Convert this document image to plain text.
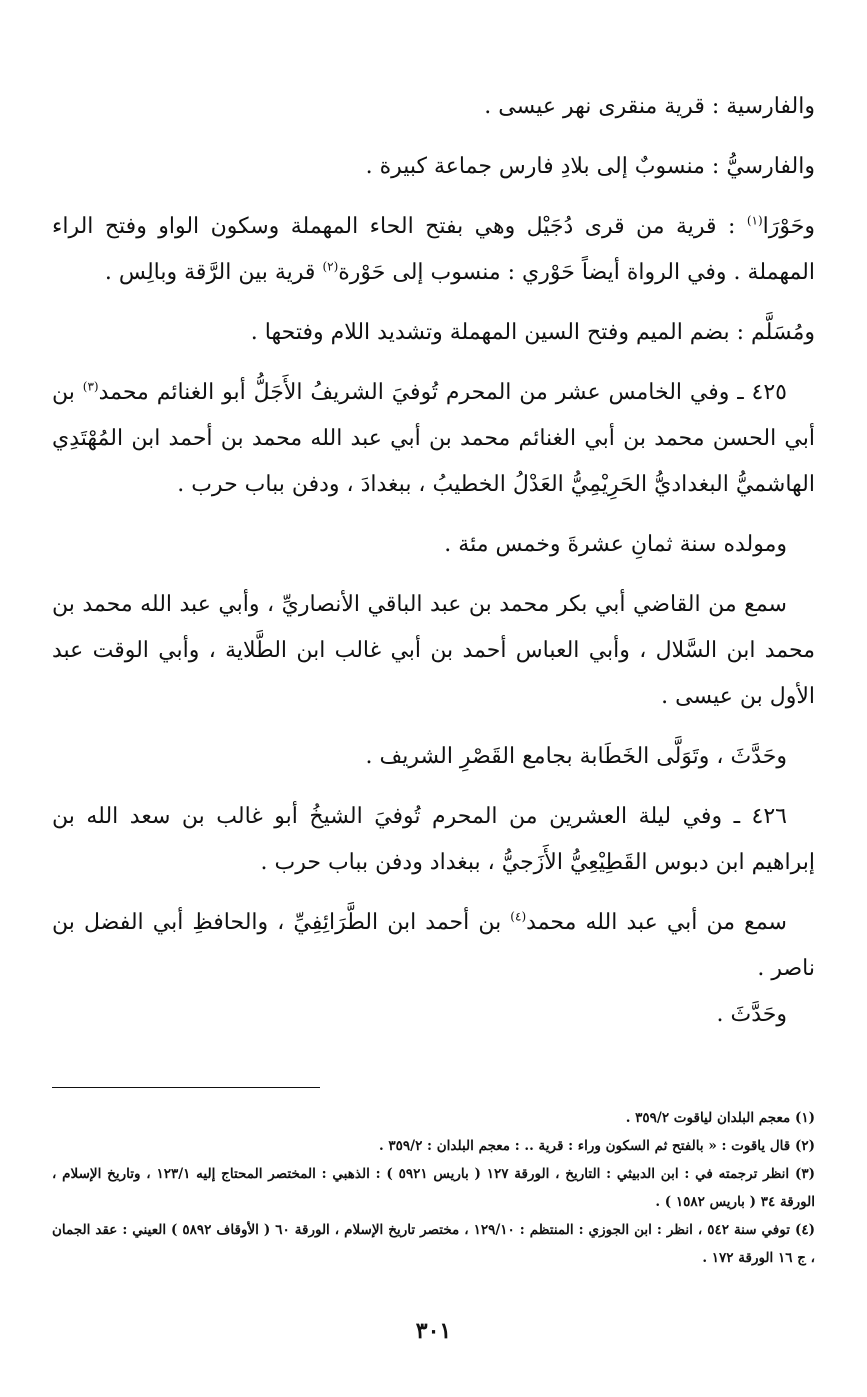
والفارسية : قرية منقرى نهر عيسى .

والفارسيُّ : منسوبٌ إلى بلادِ فارس جماعة كبيرة .

وحَوْرَا$^{(١)}$ : قرية من قرى دُجَيْل وهي بفتح الحاء المهملة وسكون الواو وفتح الراء المهملة . وفي الرواة أيضاً حَوْري : منسوب إلى حَوْرة$^{(٢)}$ قرية بين الرَّقة وبالِس .

ومُسَلَّم : بضم الميم وفتح السين المهملة وتشديد اللام وفتحها .

٤٢٥ ـ وفي الخامس عشر من المحرم تُوفيَ الشريفُ الأَجَلُّ أبو الغنائم محمد$^{(٣)}$ بن أبي الحسن محمد بن أبي الغنائم محمد بن أبي عبد الله محمد بن أحمد ابن المُهْتَدِي الهاشميُّ البغداديُّ الحَرِيْمِيُّ العَدْلُ الخطيبُ ، ببغدادَ ، ودفن بباب حرب .

ومولده سنة ثمانِ عشرةَ وخمس مئة .

سمع من القاضي أبي بكر محمد بن عبد الباقي الأنصاريِّ ، وأبي عبد الله محمد بن محمد ابن السَّلال ، وأبي العباس أحمد بن أبي غالب ابن الطَّلاية ، وأبي الوقت عبد الأول بن عيسى .

وحَدَّثَ ، وتَوَلَّى الخَطَابة بجامع القَصْرِ الشريف .

٤٢٦ ـ وفي ليلة العشرين من المحرم تُوفيَ الشيخُ أبو غالب بن سعد الله بن إبراهيم ابن دبوس القَطِيْعِيُّ الأَزَجيُّ ، ببغداد ودفن بباب حرب .

سمع من أبي عبد الله محمد$^{(٤)}$ بن أحمد ابن الطَّرَائِفِيِّ ، والحافظِ أبي الفضل بن ناصر .

وحَدَّثَ .

(١) معجم البلدان لياقوت ٣٥٩/٢ .

(٢) قال ياقوت : « بالفتح ثم السكون وراء : قرية .. : معجم البلدان : ٣٥٩/٢ .

(٣) انظر ترجمته في : ابن الدبيثي : التاريخ ، الورقة ١٢٧ ( باريس ٥٩٢١ ) : الذهبي : المختصر المحتاج إليه ١٢٣/١ ، وتاريخ الإسلام ، الورقة ٣٤ ( باريس ١٥٨٢ ) .

(٤) توفي سنة ٥٤٢ ، انظر : ابن الجوزي : المنتظم : ١٢٩/١٠ ، مختصر تاريخ الإسلام ، الورقة ٦٠ ( الأوقاف ٥٨٩٢ ) العيني : عقد الجمان ، ج ١٦ الورقة ١٧٢ .

٣٠١
